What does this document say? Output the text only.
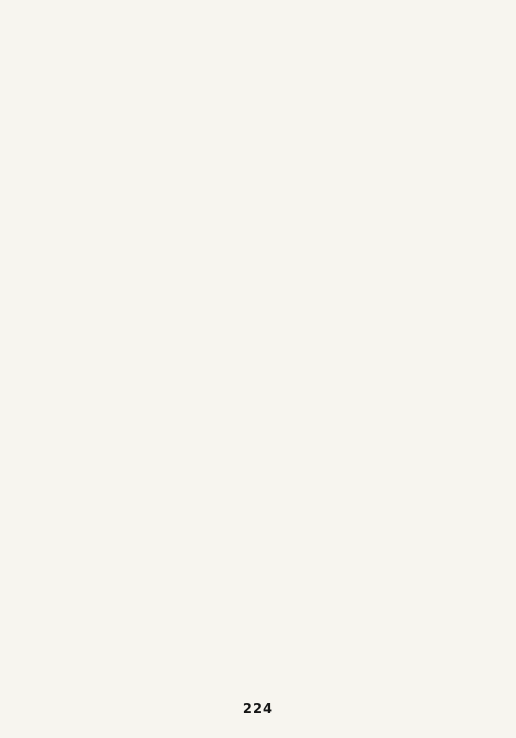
224
